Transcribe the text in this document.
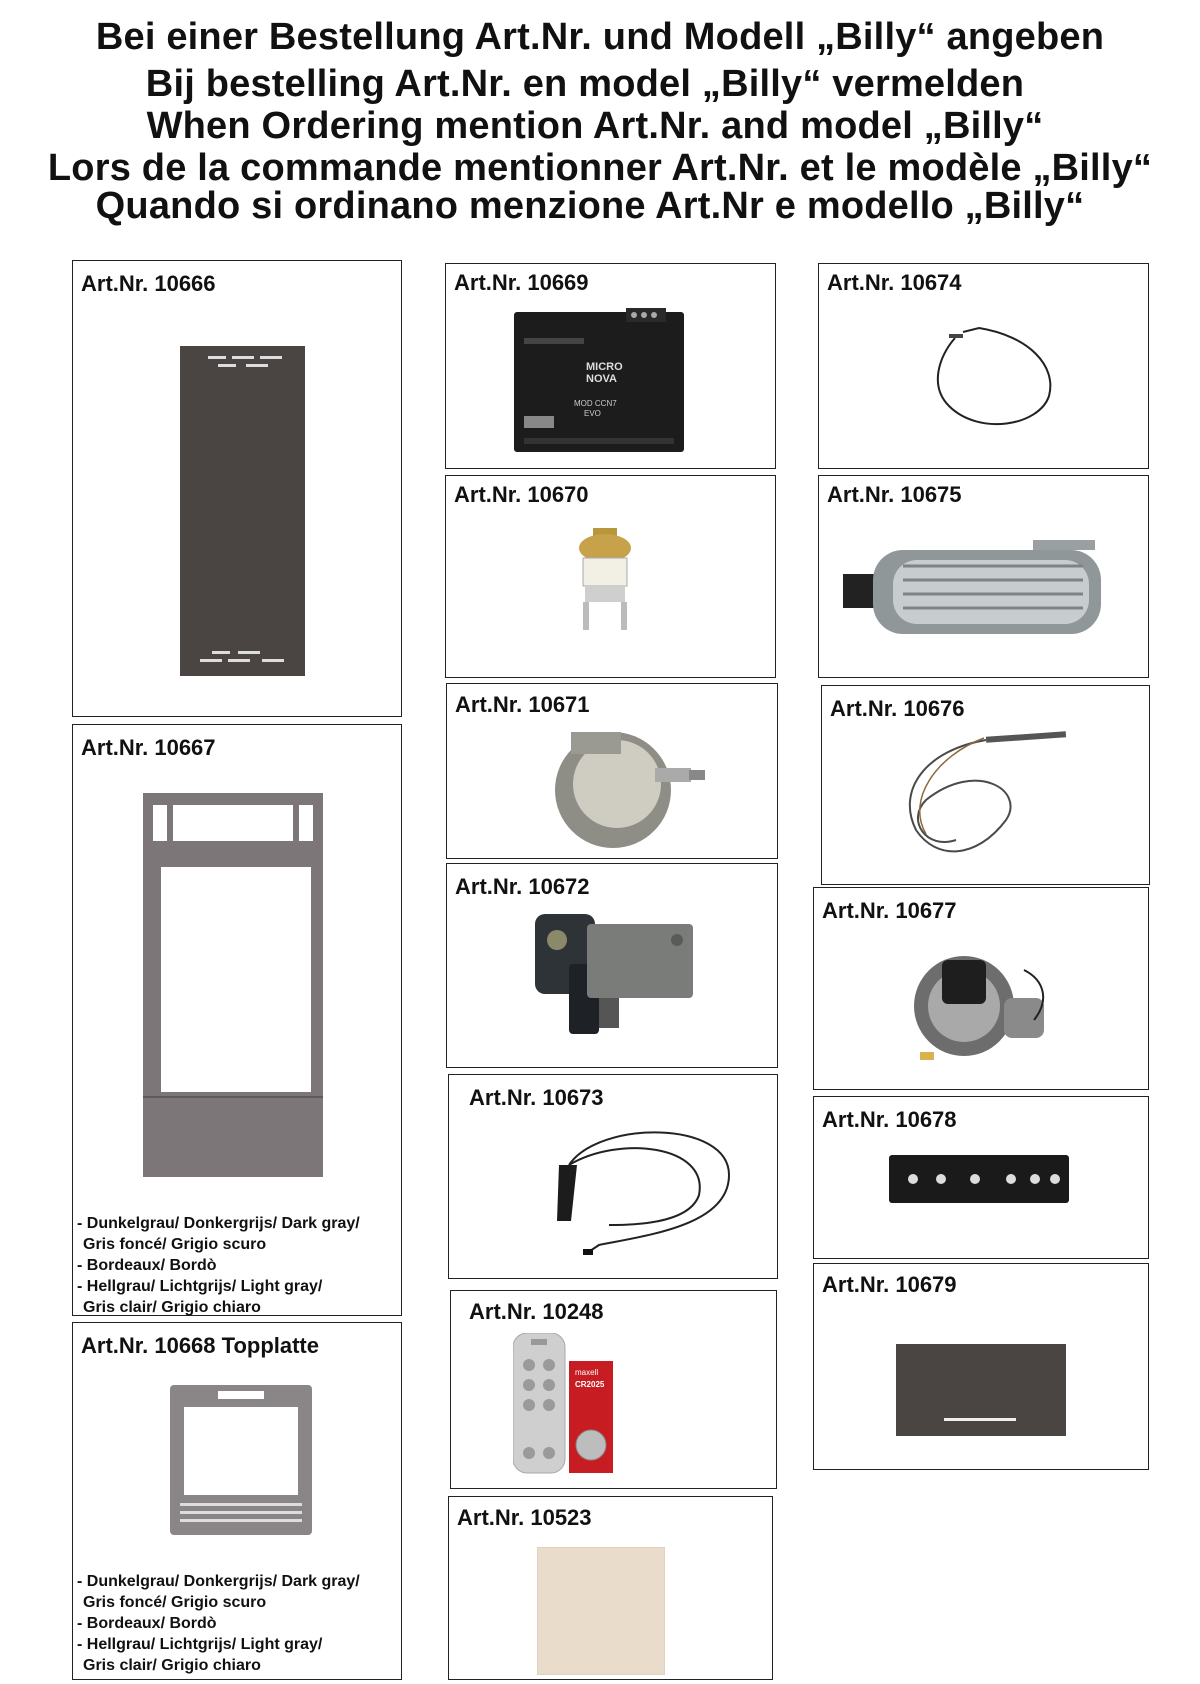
Bei einer Bestellung Art.Nr. und Modell „Billy“ angeben
Bij bestelling Art.Nr. en model „Billy“ vermelden
When Ordering mention Art.Nr. and model „Billy“
Lors de la commande mentionner Art.Nr. et le modèle „Billy“
Quando si ordinano menzione Art.Nr e modello „Billy“
Art.Nr. 10666
Art.Nr. 10667
- Dunkelgrau/ Donkergrijs/ Dark gray/
Gris foncé/ Grigio scuro
- Bordeaux/ Bordò
- Hellgrau/ Lichtgrijs/ Light gray/
Gris clair/ Grigio chiaro
Art.Nr. 10668 Topplatte
- Dunkelgrau/ Donkergrijs/ Dark gray/
Gris foncé/ Grigio scuro
- Bordeaux/ Bordò
- Hellgrau/ Lichtgrijs/ Light gray/
Gris clair/ Grigio chiaro
Art.Nr. 10669
MICRO
NOVA
MOD CCN7
EVO
Art.Nr. 10670
Art.Nr. 10671
Art.Nr. 10672
Art.Nr. 10673
Art.Nr. 10248
maxell
CR2025
Art.Nr. 10523
Art.Nr. 10674
Art.Nr. 10675
Art.Nr. 10676
Art.Nr. 10677
Art.Nr. 10678
Art.Nr. 10679
